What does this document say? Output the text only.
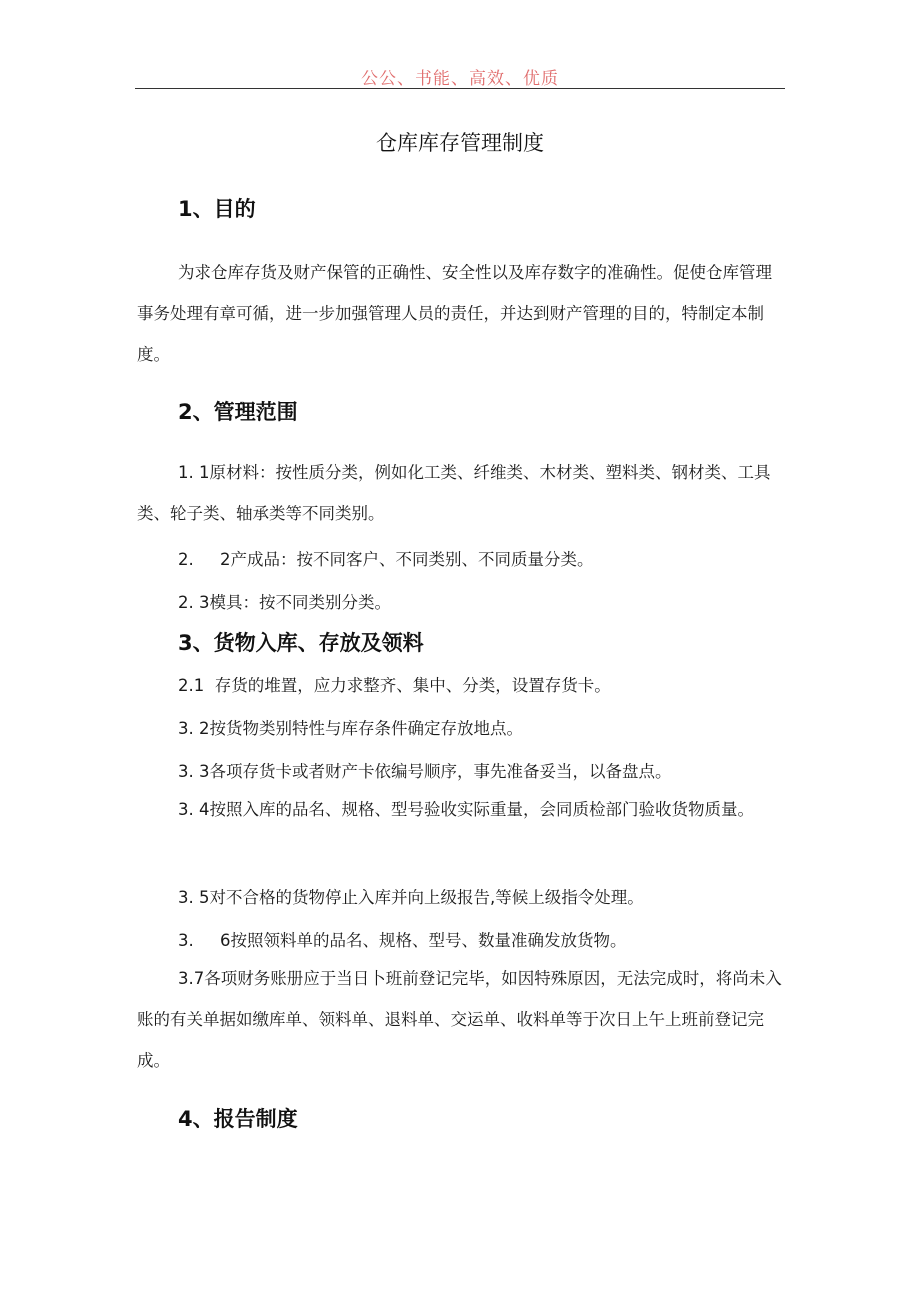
公公、书能、高效、优质
仓库库存管理制度
1、目的
为求仓库存货及财产保管的正确性、安全性以及库存数字的准确性。促使仓库管理事务处理有章可循，进一步加强管理人员的责任，并达到财产管理的目的，特制定本制度。
2、管理范围
1. 1原材料：按性质分类，例如化工类、纤维类、木材类、塑料类、钢材类、工具类、轮子类、轴承类等不同类别。
2.	2产成品：按不同客户、不同类别、不同质量分类。
2. 3模具：按不同类别分类。
3、货物入库、存放及领料
2.1  存货的堆置，应力求整齐、集中、分类，设置存货卡。
3. 2按货物类别特性与库存条件确定存放地点。
3. 3各项存货卡或者财产卡依编号顺序，事先准备妥当，以备盘点。
3. 4按照入库的品名、规格、型号验收实际重量，会同质检部门验收货物质量。
3. 5对不合格的货物停止入库并向上级报告,等候上级指令处理。
3.	6按照领料单的品名、规格、型号、数量准确发放货物。
3.7各项财务账册应于当日卜班前登记完毕，如因特殊原因，无法完成时，将尚未入账的有关单据如缴库单、领料单、退料单、交运单、收料单等于次日上午上班前登记完成。
4、报告制度
